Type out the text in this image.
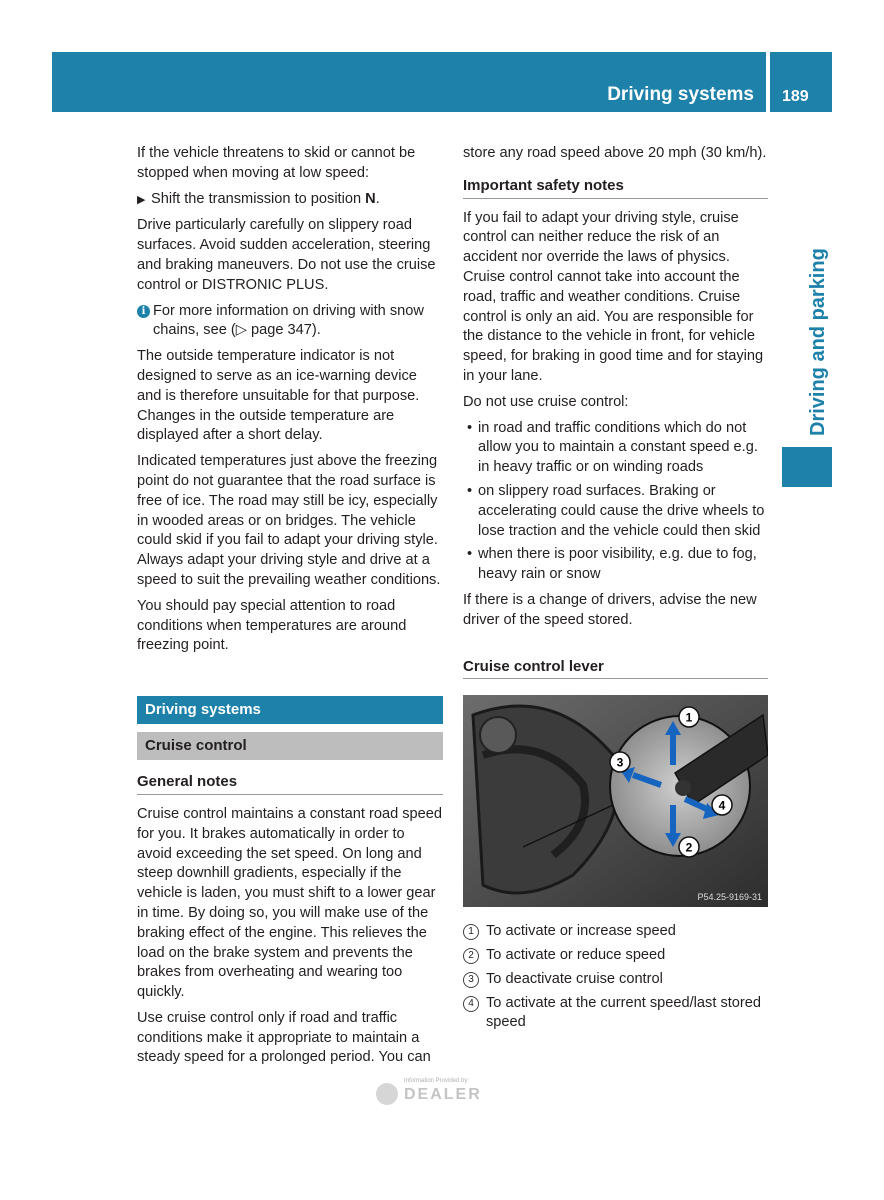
Driving systems 189
Driving and parking

If the vehicle threatens to skid or cannot be stopped when moving at low speed:

▶ Shift the transmission to position N.

Drive particularly carefully on slippery road surfaces. Avoid sudden acceleration, steering and braking maneuvers. Do not use the cruise control or DISTRONIC PLUS.

i For more information on driving with snow chains, see (▷ page 347).

The outside temperature indicator is not designed to serve as an ice-warning device and is therefore unsuitable for that purpose. Changes in the outside temperature are displayed after a short delay.

Indicated temperatures just above the freezing point do not guarantee that the road surface is free of ice. The road may still be icy, especially in wooded areas or on bridges. The vehicle could skid if you fail to adapt your driving style. Always adapt your driving style and drive at a speed to suit the prevailing weather conditions.

You should pay special attention to road conditions when temperatures are around freezing point.

Driving systems
Cruise control
General notes

Cruise control maintains a constant road speed for you. It brakes automatically in order to avoid exceeding the set speed. On long and steep downhill gradients, especially if the vehicle is laden, you must shift to a lower gear in time. By doing so, you will make use of the braking effect of the engine. This relieves the load on the brake system and prevents the brakes from overheating and wearing too quickly.

Use cruise control only if road and traffic conditions make it appropriate to maintain a steady speed for a prolonged period. You can

store any road speed above 20 mph (30 km/h).

Important safety notes

If you fail to adapt your driving style, cruise control can neither reduce the risk of an accident nor override the laws of physics. Cruise control cannot take into account the road, traffic and weather conditions. Cruise control is only an aid. You are responsible for the distance to the vehicle in front, for vehicle speed, for braking in good time and for staying in your lane.

Do not use cruise control:

• in road and traffic conditions which do not allow you to maintain a constant speed e.g. in heavy traffic or on winding roads
• on slippery road surfaces. Braking or accelerating could cause the drive wheels to lose traction and the vehicle could then skid
• when there is poor visibility, e.g. due to fog, heavy rain or snow

If there is a change of drivers, advise the new driver of the speed stored.

Cruise control lever
1
2
3
4
P54.25-9169-31
1 To activate or increase speed
2 To activate or reduce speed
3 To deactivate cruise control
4 To activate at the current speed/last stored speed
Information Provided by:
DEALER
